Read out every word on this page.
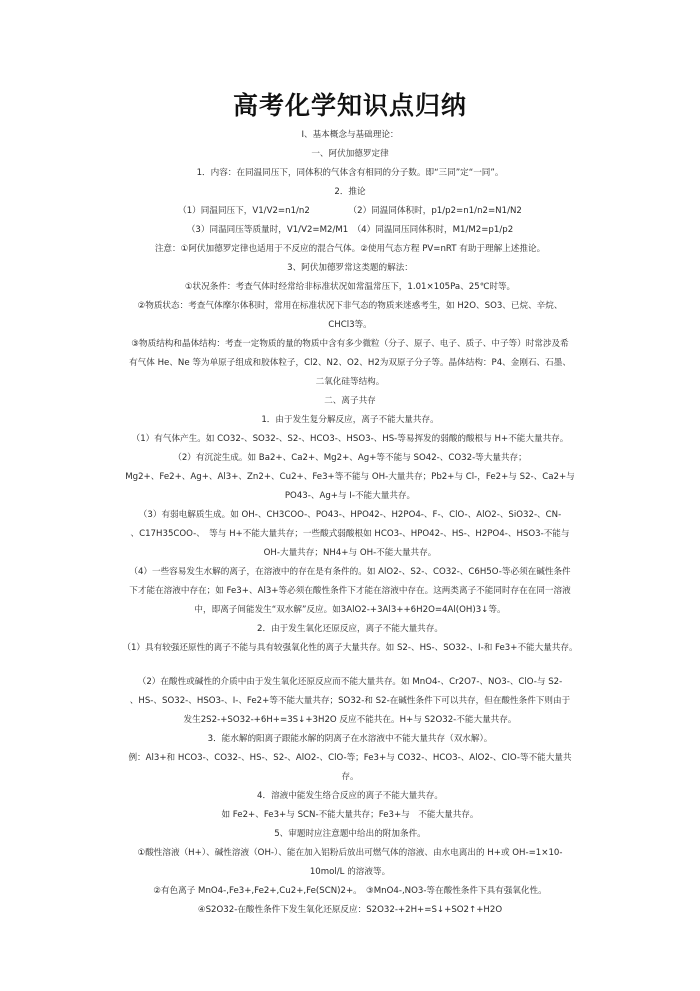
高考化学知识点归纳

Ⅰ、基本概念与基础理论：

一、阿伏加德罗定律

1．内容：在同温同压下，同体积的气体含有相同的分子数。即“三同”定“一同”。

2．推论

（1）同温同压下，V1/V2=n1/n2　　　　　（2）同温同体积时，p1/p2=n1/n2=N1/N2

（3）同温同压等质量时，V1/V2=M2/M1　（4）同温同压同体积时，M1/M2=p1/p2

注意：①阿伏加德罗定律也适用于不反应的混合气体。②使用气态方程 PV=nRT 有助于理解上述推论。

3、阿伏加德罗常这类题的解法：

①状况条件：考查气体时经常给非标准状况如常温常压下，1.01×105Pa、25℃时等。

②物质状态：考查气体摩尔体积时，常用在标准状况下非气态的物质来迷惑考生，如 H2O、SO3、已烷、辛烷、

CHCl3等。

③物质结构和晶体结构：考查一定物质的量的物质中含有多少微粒（分子、原子、电子、质子、中子等）时常涉及希

有气体 He、Ne 等为单原子组成和胶体粒子，Cl2、N2、O2、H2为双原子分子等。晶体结构：P4、金刚石、石墨、

二氧化硅等结构。

二、离子共存

1．由于发生复分解反应，离子不能大量共存。

（1）有气体产生。如 CO32-、SO32-、S2-、HCO3-、HSO3-、HS-等易挥发的弱酸的酸根与 H+不能大量共存。

（2）有沉淀生成。如 Ba2+、Ca2+、Mg2+、Ag+等不能与 SO42-、CO32-等大量共存；

Mg2+、Fe2+、Ag+、Al3+、Zn2+、Cu2+、Fe3+等不能与 OH-大量共存；Pb2+与 Cl-，Fe2+与 S2-、Ca2+与

PO43-、Ag+与 I-不能大量共存。

（3）有弱电解质生成。如 OH-、CH3COO-、PO43-、HPO42-、H2PO4-、F-、ClO-、AlO2-、SiO32-、CN-

、C17H35COO-、　等与 H+不能大量共存；一些酸式弱酸根如 HCO3-、HPO42-、HS-、H2PO4-、HSO3-不能与

OH-大量共存；NH4+与 OH-不能大量共存。

（4）一些容易发生水解的离子，在溶液中的存在是有条件的。如 AlO2-、S2-、CO32-、C6H5O-等必须在碱性条件

下才能在溶液中存在；如 Fe3+、Al3+等必须在酸性条件下才能在溶液中存在。这两类离子不能同时存在在同一溶液

中，即离子间能发生“双水解”反应。如3AlO2-+3Al3++6H2O=4Al(OH)3↓等。

2．由于发生氧化还原反应，离子不能大量共存。

（1）具有较强还原性的离子不能与具有较强氧化性的离子大量共存。如 S2-、HS-、SO32-、I-和 Fe3+不能大量共存。

（2）在酸性或碱性的介质中由于发生氧化还原反应而不能大量共存。如 MnO4-、Cr2O7-、NO3-、ClO-与 S2-

、HS-、SO32-、HSO3-、I-、Fe2+等不能大量共存；SO32-和 S2-在碱性条件下可以共存，但在酸性条件下则由于

发生2S2-+SO32-+6H+=3S↓+3H2O 反应不能共在。H+与 S2O32-不能大量共存。

3．能水解的阳离子跟能水解的阴离子在水溶液中不能大量共存（双水解）。

例：Al3+和 HCO3-、CO32-、HS-、S2-、AlO2-、ClO-等；Fe3+与 CO32-、HCO3-、AlO2-、ClO-等不能大量共

存。

4．溶液中能发生络合反应的离子不能大量共存。

如 Fe2+、Fe3+与 SCN-不能大量共存；Fe3+与　不能大量共存。

5、审题时应注意题中给出的附加条件。

①酸性溶液（H+）、碱性溶液（OH-）、能在加入铝粉后放出可燃气体的溶液、由水电离出的 H+或 OH-=1×10-

10mol/L 的溶液等。

②有色离子 MnO4-,Fe3+,Fe2+,Cu2+,Fe(SCN)2+。　③MnO4-,NO3-等在酸性条件下具有强氧化性。

④S2O32-在酸性条件下发生氧化还原反应：S2O32-+2H+=S↓+SO2↑+H2O
